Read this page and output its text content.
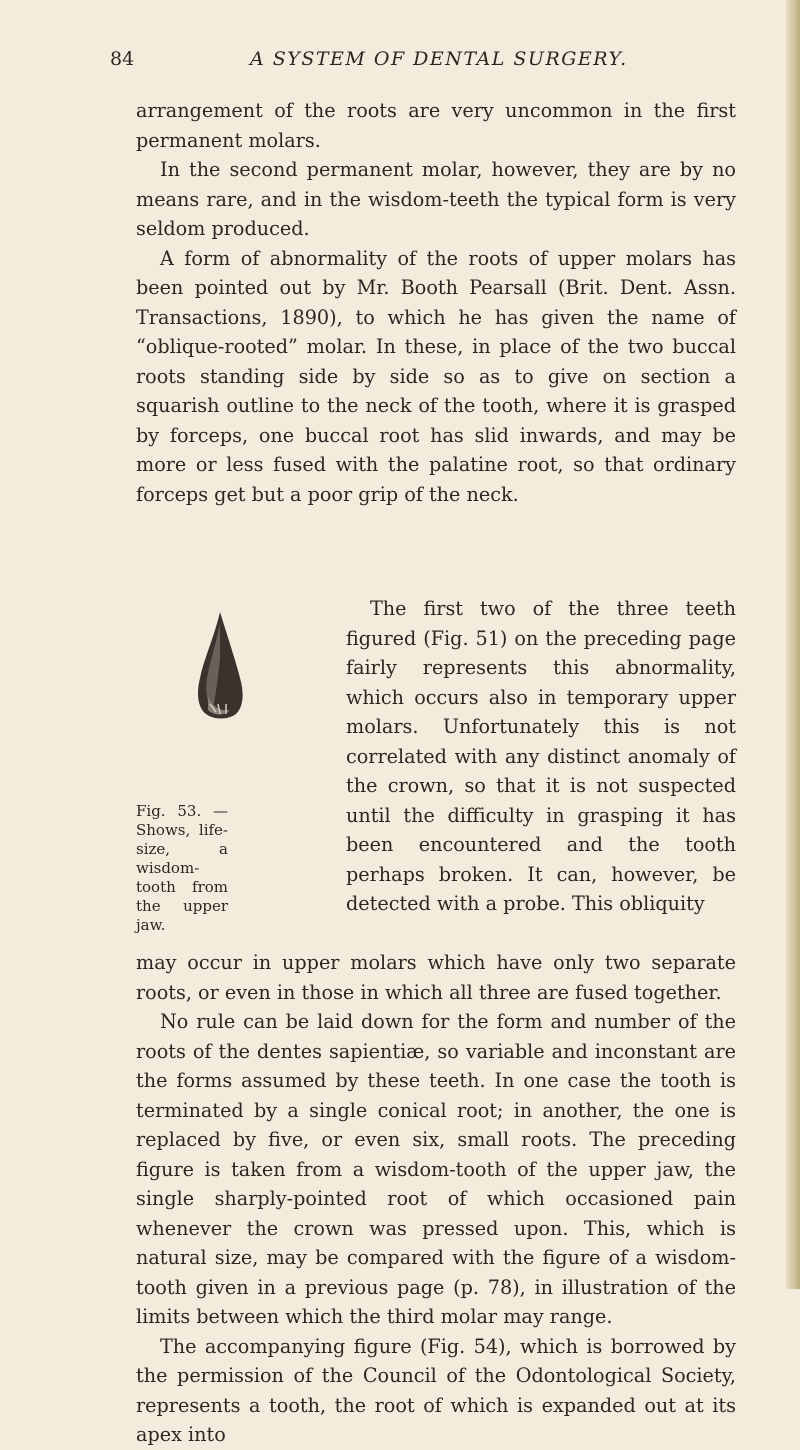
84	A SYSTEM OF DENTAL SURGERY.

arrangement of the roots are very uncommon in the first permanent molars.

In the second permanent molar, however, they are by no means rare, and in the wisdom-teeth the typical form is very seldom produced.

A form of abnormality of the roots of upper molars has been pointed out by Mr. Booth Pearsall (Brit. Dent. Assn. Transactions, 1890), to which he has given the name of “oblique-rooted” molar. In these, in place of the two buccal roots standing side by side so as to give on section a squarish outline to the neck of the tooth, where it is grasped by forceps, one buccal root has slid inwards, and may be more or less fused with the palatine root, so that ordinary forceps get but a poor grip of the neck.

Fig. 53. — Shows, life-size, a wisdom-tooth from the upper jaw.

The first two of the three teeth figured (Fig. 51) on the preceding page fairly represents this abnormality, which occurs also in temporary upper molars. Unfortunately this is not correlated with any distinct anomaly of the crown, so that it is not suspected until the difficulty in grasping it has been encountered and the tooth perhaps broken. It can, however, be detected with a probe. This obliquity

may occur in upper molars which have only two separate roots, or even in those in which all three are fused together.

No rule can be laid down for the form and number of the roots of the dentes sapientiæ, so variable and inconstant are the forms assumed by these teeth. In one case the tooth is terminated by a single conical root; in another, the one is replaced by five, or even six, small roots. The preceding figure is taken from a wisdom-tooth of the upper jaw, the single sharply-pointed root of which occasioned pain whenever the crown was pressed upon. This, which is natural size, may be compared with the figure of a wisdom-tooth given in a previous page (p. 78), in illustration of the limits between which the third molar may range.

The accompanying figure (Fig. 54), which is borrowed by the permission of the Council of the Odontological Society, represents a tooth, the root of which is expanded out at its apex into
